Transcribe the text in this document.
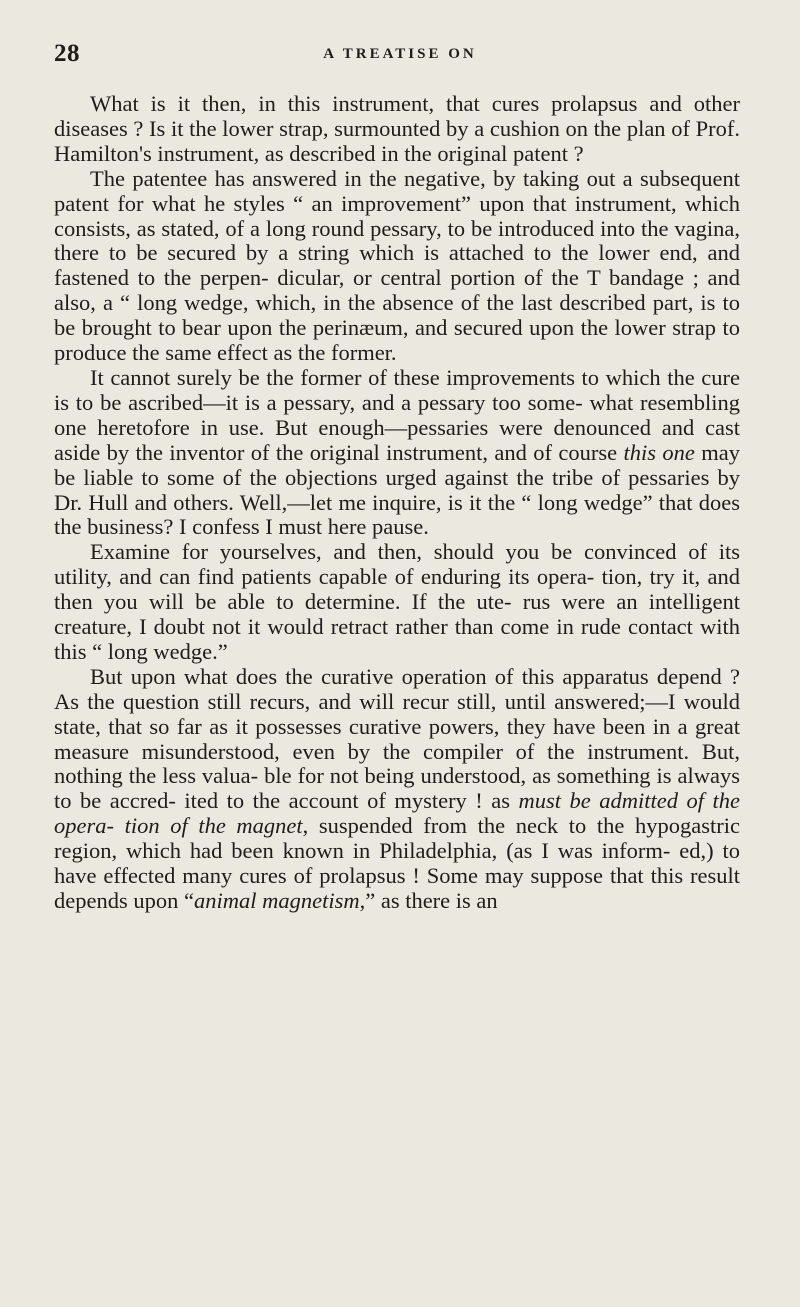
28	A TREATISE ON

What is it then, in this instrument, that cures prolapsus and other diseases ? Is it the lower strap, surmounted by a cushion on the plan of Prof. Hamilton's instrument, as described in the original patent ?

The patentee has answered in the negative, by taking out a subsequent patent for what he styles “ an improvement” upon that instrument, which consists, as stated, of a long round pessary, to be introduced into the vagina, there to be secured by a string which is attached to the lower end, and fastened to the perpen- dicular, or central portion of the T bandage ; and also, a “ long wedge, which, in the absence of the last described part, is to be brought to bear upon the perinæum, and secured upon the lower strap to produce the same effect as the former.

It cannot surely be the former of these improvements to which the cure is to be ascribed—it is a pessary, and a pessary too some- what resembling one heretofore in use. But enough—pessaries were denounced and cast aside by the inventor of the original instrument, and of course this one may be liable to some of the objections urged against the tribe of pessaries by Dr. Hull and others. Well,—let me inquire, is it the “ long wedge” that does the business? I confess I must here pause.

Examine for yourselves, and then, should you be convinced of its utility, and can find patients capable of enduring its opera- tion, try it, and then you will be able to determine. If the ute- rus were an intelligent creature, I doubt not it would retract rather than come in rude contact with this “ long wedge.”

But upon what does the curative operation of this apparatus depend ? As the question still recurs, and will recur still, until answered;—I would state, that so far as it possesses curative powers, they have been in a great measure misunderstood, even by the compiler of the instrument. But, nothing the less valua- ble for not being understood, as something is always to be accred- ited to the account of mystery ! as must be admitted of the opera- tion of the magnet, suspended from the neck to the hypogastric region, which had been known in Philadelphia, (as I was inform- ed,) to have effected many cures of prolapsus ! Some may suppose that this result depends upon “animal magnetism,” as there is an
